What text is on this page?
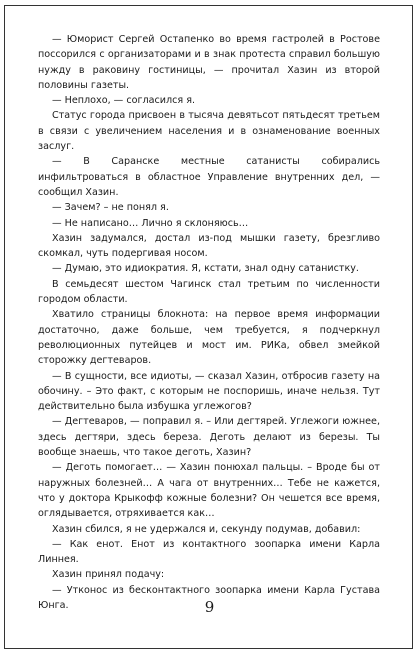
— Юморист Сергей Остапенко во время гастролей в Ростове поссорился с организаторами и в знак протеста справил большую нужду в раковину гостиницы, — прочитал Хазин из второй половины газеты.

— Неплохо, — согласился я.

Статус города присвоен в тысяча девятьсот пятьдесят третьем в связи с увеличением населения и в ознаменование военных заслуг.

— В Саранске местные сатанисты собирались инфильтроваться в областное Управление внутренних дел, — сообщил Хазин.

— Зачем? – не понял я.

— Не написано… Лично я склоняюсь…

Хазин задумался, достал из-под мышки газету, брезгливо скомкал, чуть подергивая носом.

— Думаю, это идиократия. Я, кстати, знал одну сатанистку.

В семьдесят шестом Чагинск стал третьим по численности городом области.

Хватило страницы блокнота: на первое время информации достаточно, даже больше, чем требуется, я подчеркнул революционных путейцев и мост им. РИКа, обвел змейкой сторожку дегтеваров.

— В сущности, все идиоты, — сказал Хазин, отбросив газету на обочину. – Это факт, с которым не поспоришь, иначе нельзя. Тут действительно была избушка углежогов?

— Дегтеваров, — поправил я. – Или дегтярей. Углежоги южнее, здесь дегтяри, здесь береза. Деготь делают из березы. Ты вообще знаешь, что такое деготь, Хазин?

— Деготь помогает… — Хазин понюхал пальцы. – Вроде бы от наружных болезней… А чага от внутренних… Тебе не кажется, что у доктора Крыкофф кожные болезни? Он чешется все время, оглядывается, отряхивается как…

Хазин сбился, я не удержался и, секунду подумав, добавил:

— Как енот. Енот из контактного зоопарка имени Карла Линнея.

Хазин принял подачу:

— Утконос из бесконтактного зоопарка имени Карла Густава Юнга.	9
